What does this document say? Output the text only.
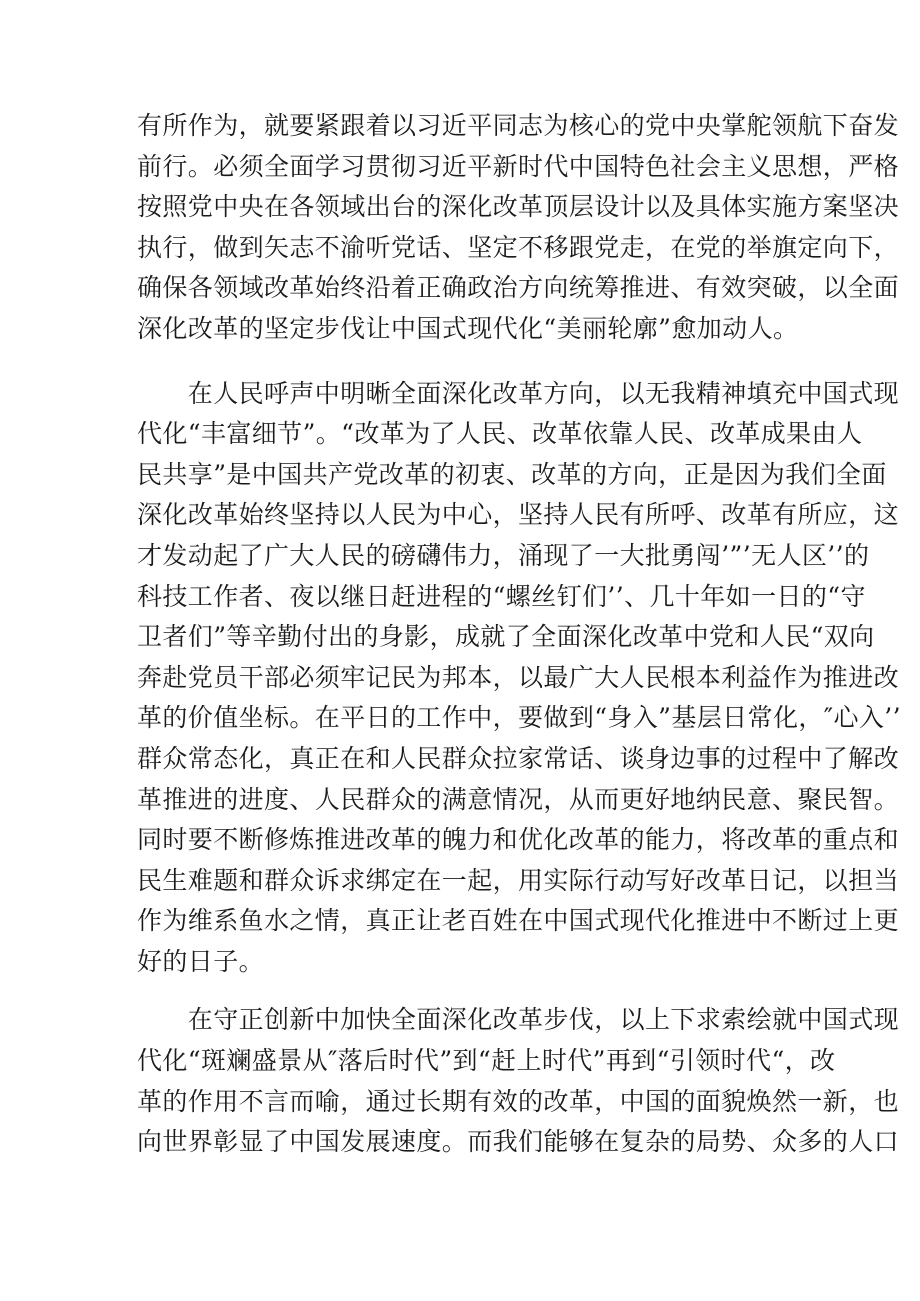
有所作为，就要紧跟着以习近平同志为核心的党中央掌舵领航下奋发
前行。必须全面学习贯彻习近平新时代中国特色社会主义思想，严格
按照党中央在各领域出台的深化改革顶层设计以及具体实施方案坚决
执行，做到矢志不渝听党话、坚定不移跟党走，在党的举旗定向下，
确保各领域改革始终沿着正确政治方向统筹推进、有效突破，以全面
深化改革的坚定步伐让中国式现代化“美丽轮廓”愈加动人。

　　在人民呼声中明晰全面深化改革方向，以无我精神填充中国式现
代化“丰富细节”。“改革为了人民、改革依靠人民、改革成果由人
民共享”是中国共产党改革的初衷、改革的方向，正是因为我们全面
深化改革始终坚持以人民为中心，坚持人民有所呼、改革有所应，这
才发动起了广大人民的磅礴伟力，涌现了一大批勇闯’”’无人区’’的
科技工作者、夜以继日赶进程的“螺丝钉们’’、几十年如一日的“守
卫者们”等辛勤付出的身影，成就了全面深化改革中党和人民“双向
奔赴党员干部必须牢记民为邦本，以最广大人民根本利益作为推进改
革的价值坐标。在平日的工作中，要做到“身入”基层日常化，″心入’’
群众常态化，真正在和人民群众拉家常话、谈身边事的过程中了解改
革推进的进度、人民群众的满意情况，从而更好地纳民意、聚民智。
同时要不断修炼推进改革的魄力和优化改革的能力，将改革的重点和
民生难题和群众诉求绑定在一起，用实际行动写好改革日记，以担当
作为维系鱼水之情，真正让老百姓在中国式现代化推进中不断过上更
好的日子。

　　在守正创新中加快全面深化改革步伐，以上下求索绘就中国式现
代化“斑斓盛景从″落后时代”到“赶上时代”再到“引领时代“，改
革的作用不言而喻，通过长期有效的改革，中国的面貌焕然一新，也
向世界彰显了中国发展速度。而我们能够在复杂的局势、众多的人口
